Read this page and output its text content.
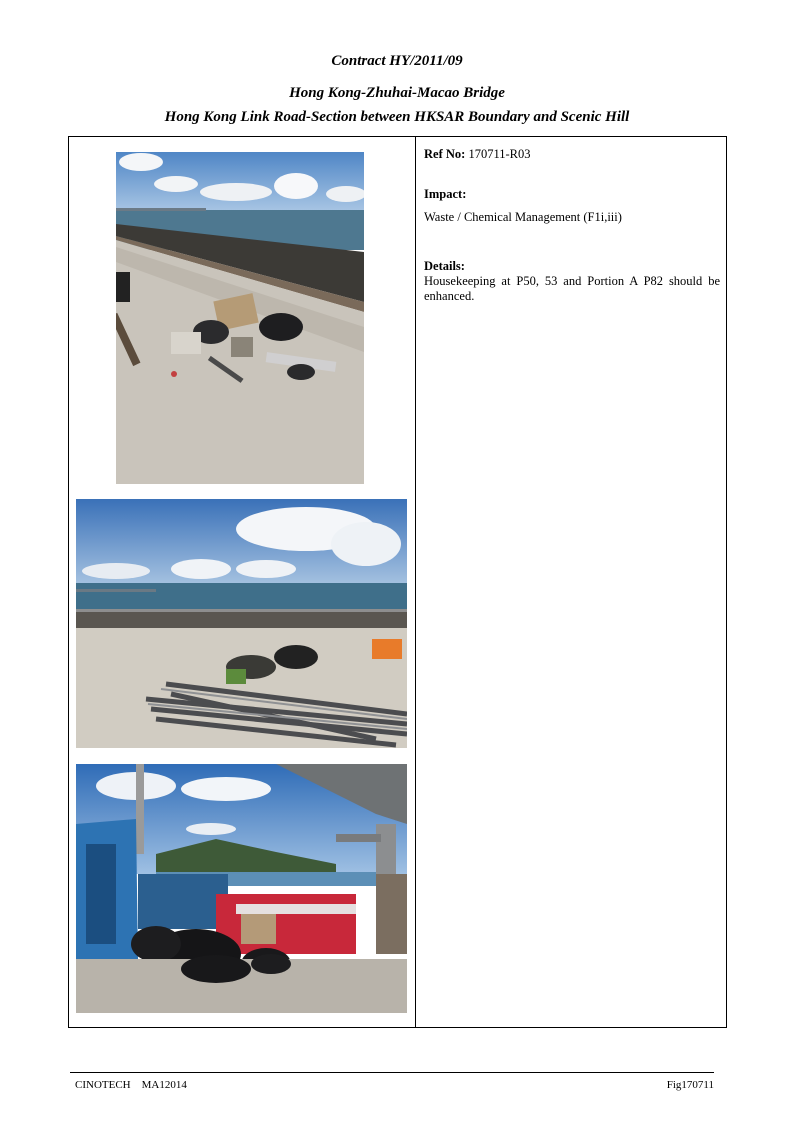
Contract HY/2011/09
Hong Kong-Zhuhai-Macao Bridge
Hong Kong Link Road-Section between HKSAR Boundary and Scenic Hill
Ref No: 170711-R03
Impact:
Waste / Chemical Management (F1i,iii)
Details:
Housekeeping at P50, 53 and Portion A P82 should be enhanced.
CINOTECH    MA12014	Fig170711
